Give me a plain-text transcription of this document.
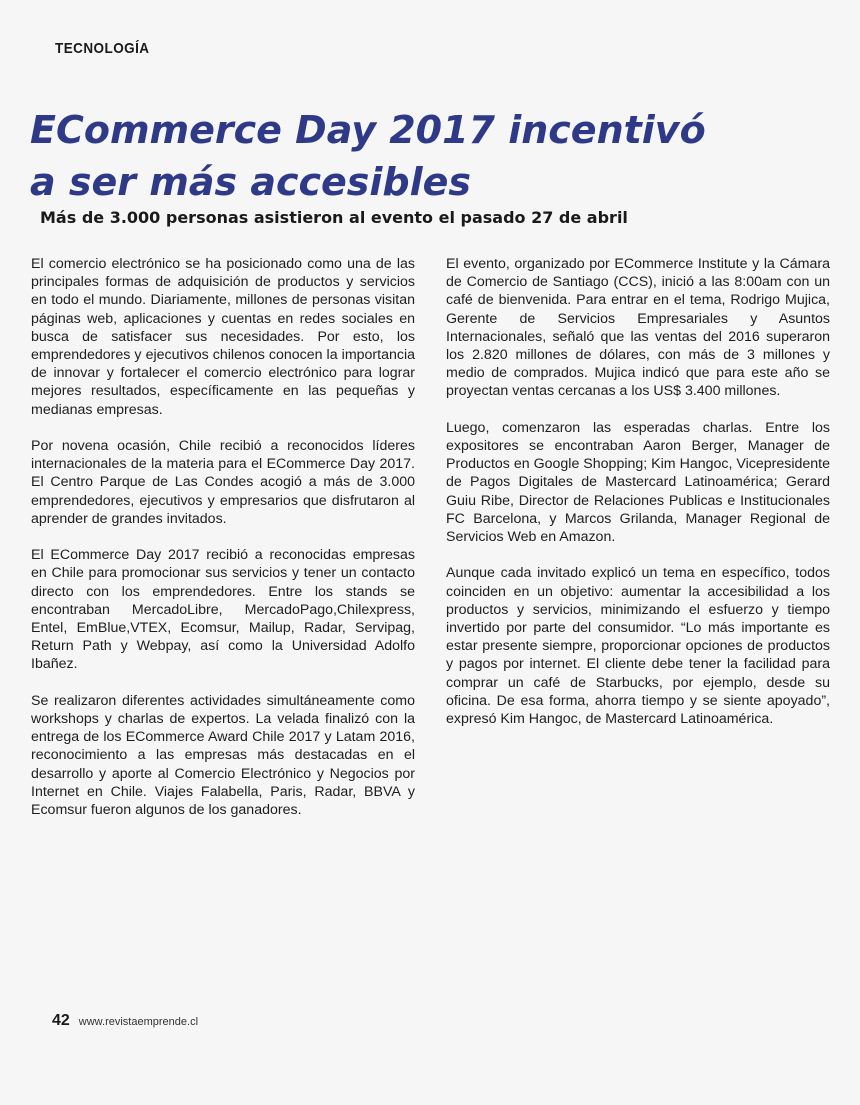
TECNOLOGÍA
ECommerce Day 2017 incentivó
a ser más accesibles
Más de 3.000 personas asistieron al evento el pasado 27 de abril

El comercio electrónico se ha posicionado como una de las principales formas de adquisición de productos y servicios en todo el mundo. Diariamente, millones de personas visitan páginas web, aplicaciones y cuentas en redes sociales en busca de satisfacer sus necesidades. Por esto, los emprendedores y ejecutivos chilenos conocen la importancia de innovar y fortalecer el comercio electrónico para lograr mejores resultados, específicamente en las pequeñas y medianas empresas.

Por novena ocasión, Chile recibió a reconocidos líderes internacionales de la materia para el ECommerce Day 2017. El Centro Parque de Las Condes acogió a más de 3.000 emprendedores, ejecutivos y empresarios que disfrutaron al aprender de grandes invitados.

El ECommerce Day 2017 recibió a reconocidas empresas en Chile para promocionar sus servicios y tener un contacto directo con los emprendedores. Entre los stands se encontraban MercadoLibre, MercadoPago,Chilexpress, Entel, EmBlue,VTEX, Ecomsur, Mailup, Radar, Servipag, Return Path y Webpay, así como la Universidad Adolfo Ibañez.

Se realizaron diferentes actividades simultáneamente como workshops y charlas de expertos. La velada finalizó con la entrega de los ECommerce Award Chile 2017 y Latam 2016, reconocimiento a las empresas más destacadas en el desarrollo y aporte al Comercio Electrónico y Negocios por Internet en Chile. Viajes Falabella, Paris, Radar, BBVA y Ecomsur fueron algunos de los ganadores.

El evento, organizado por ECommerce Institute y la Cámara de Comercio de Santiago (CCS), inició a las 8:00am con un café de bienvenida. Para entrar en el tema, Rodrigo Mujica, Gerente de Servicios Empresariales y Asuntos Internacionales, señaló que las ventas del 2016 superaron los 2.820 millones de dólares, con más de 3 millones y medio de comprados. Mujica indicó que para este año se proyectan ventas cercanas a los US$ 3.400 millones.

Luego, comenzaron las esperadas charlas. Entre los expositores se encontraban Aaron Berger, Manager de Productos en Google Shopping; Kim Hangoc, Vicepresidente de Pagos Digitales de Mastercard Latinoamérica; Gerard Guiu Ribe, Director de Relaciones Publicas e Institucionales FC Barcelona, y Marcos Grilanda, Manager Regional de Servicios Web en Amazon.

Aunque cada invitado explicó un tema en específico, todos coinciden en un objetivo: aumentar la accesibilidad a los productos y servicios, minimizando el esfuerzo y tiempo invertido por parte del consumidor. “Lo más importante es estar presente siempre, proporcionar opciones de productos y pagos por internet. El cliente debe tener la facilidad para comprar un café de Starbucks, por ejemplo, desde su oficina. De esa forma, ahorra tiempo y se siente apoyado”, expresó Kim Hangoc, de Mastercard Latinoamérica.

42 www.revistaemprende.cl
